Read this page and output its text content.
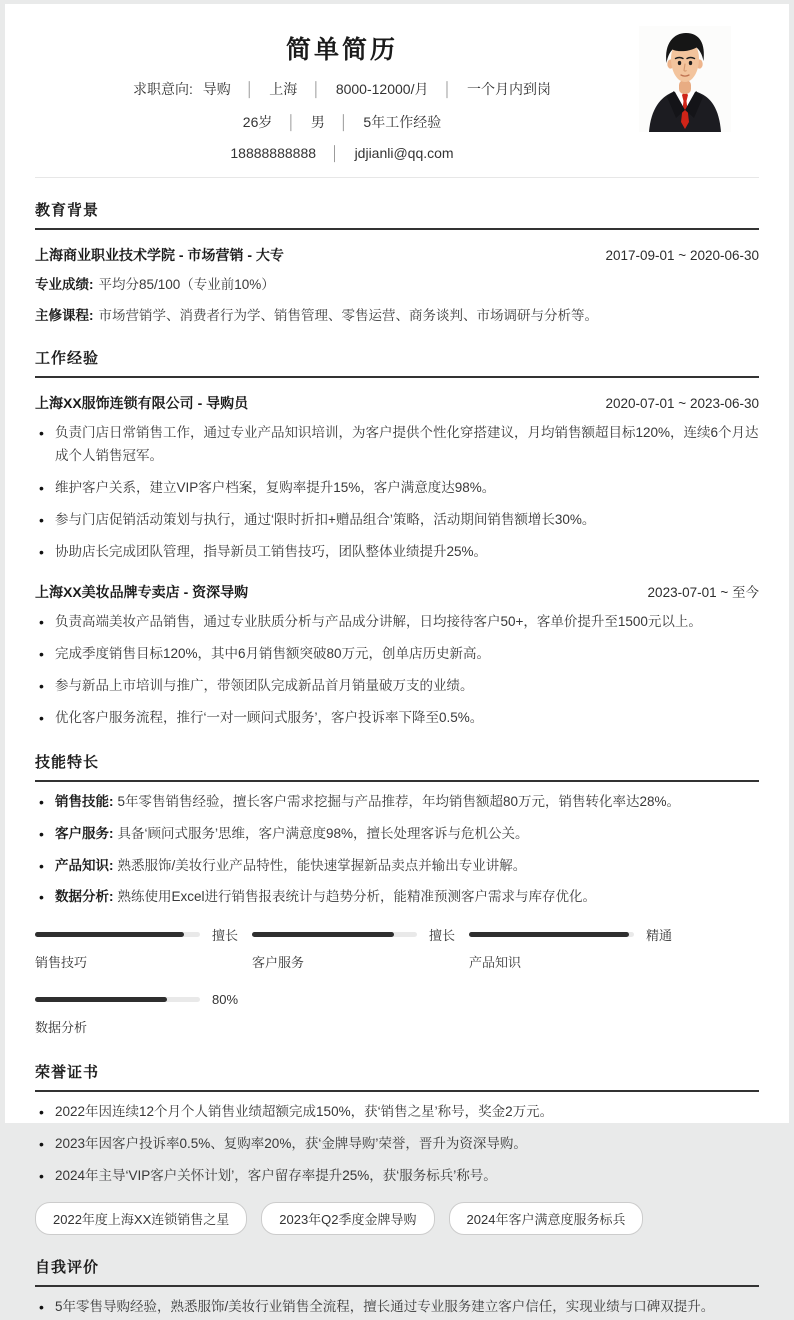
简单简历
求职意向: 导购 │ 上海 │ 8000-12000/月 │ 一个月内到岗
26岁 │ 男 │ 5年工作经验
18888888888 │ jdjianli@qq.com
教育背景
上海商业职业技术学院 - 市场营销 - 大专	2017-09-01 ~ 2020-06-30
专业成绩: 平均分85/100（专业前10%）
主修课程: 市场营销学、消费者行为学、销售管理、零售运营、商务谈判、市场调研与分析等。
工作经验
上海XX服饰连锁有限公司 - 导购员	2020-07-01 ~ 2023-06-30
• 负责门店日常销售工作，通过专业产品知识培训，为客户提供个性化穿搭建议，月均销售额超目标120%，连续6个月达成个人销售冠军。
• 维护客户关系，建立VIP客户档案，复购率提升15%，客户满意度达98%。
• 参与门店促销活动策划与执行，通过‘限时折扣+赠品组合’策略，活动期间销售额增长30%。
• 协助店长完成团队管理，指导新员工销售技巧，团队整体业绩提升25%。
上海XX美妆品牌专卖店 - 资深导购	2023-07-01 ~ 至今
• 负责高端美妆产品销售，通过专业肤质分析与产品成分讲解，日均接待客户50+，客单价提升至1500元以上。
• 完成季度销售目标120%，其中6月销售额突破80万元，创单店历史新高。
• 参与新品上市培训与推广，带领团队完成新品首月销量破万支的业绩。
• 优化客户服务流程，推行‘一对一顾问式服务’，客户投诉率下降至0.5%。
技能特长
• 销售技能: 5年零售销售经验，擅长客户需求挖掘与产品推荐，年均销售额超80万元，销售转化率达28%。
• 客户服务: 具备‘顾问式服务’思维，客户满意度98%，擅长处理客诉与危机公关。
• 产品知识: 熟悉服饰/美妆行业产品特性，能快速掌握新品卖点并输出专业讲解。
• 数据分析: 熟练使用Excel进行销售报表统计与趋势分析，能精准预测客户需求与库存优化。
擅长
销售技巧
擅长
客户服务
精通
产品知识
80%
数据分析
荣誉证书
• 2022年因连续12个月个人销售业绩超额完成150%，获‘销售之星’称号，奖金2万元。
• 2023年因客户投诉率0.5%、复购率20%，获‘金牌导购’荣誉，晋升为资深导购。
• 2024年主导‘VIP客户关怀计划’，客户留存率提升25%，获‘服务标兵’称号。
2022年度上海XX连锁销售之星	2023年Q2季度金牌导购	2024年客户满意度服务标兵
自我评价
• 5年零售导购经验，熟悉服饰/美妆行业销售全流程，擅长通过专业服务建立客户信任，实现业绩与口碑双提升。
